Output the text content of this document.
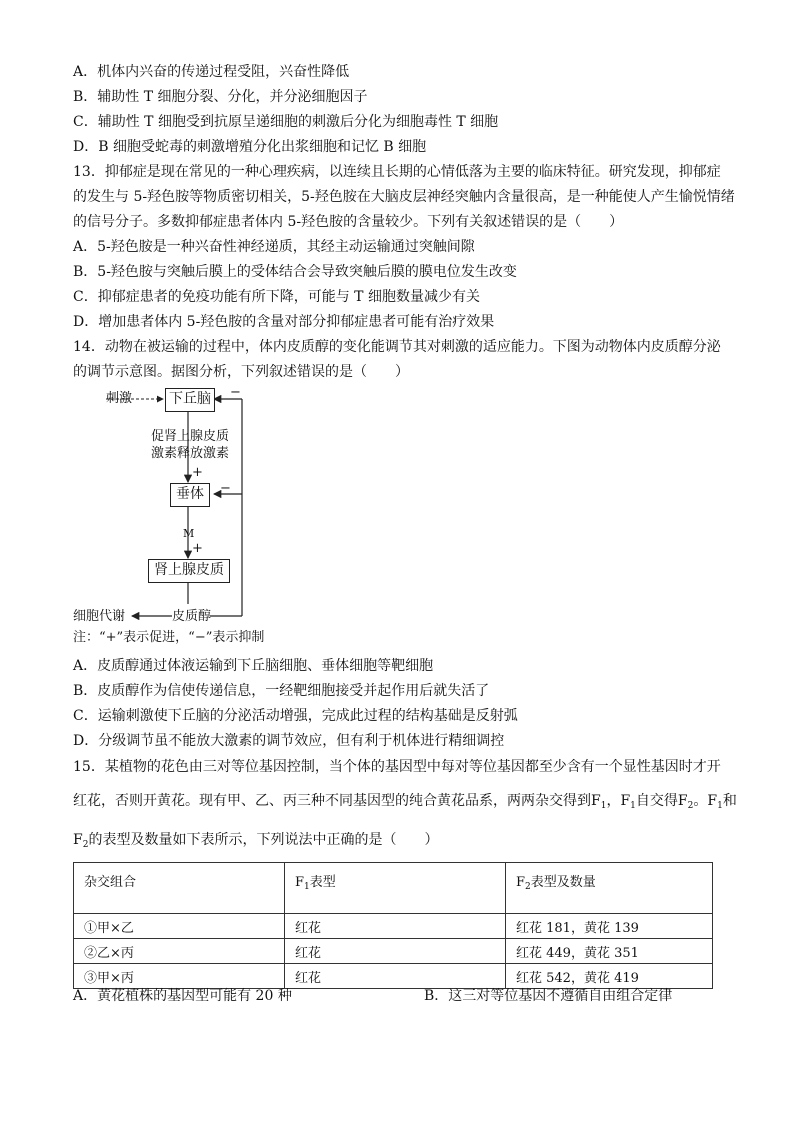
A．机体内兴奋的传递过程受阻，兴奋性降低
B．辅助性 T 细胞分裂、分化，并分泌细胞因子
C．辅助性 T 细胞受到抗原呈递细胞的刺激后分化为细胞毒性 T 细胞
D．B 细胞受蛇毒的刺激增殖分化出浆细胞和记忆 B 细胞
13．抑郁症是现在常见的一种心理疾病，以连续且长期的心情低落为主要的临床特征。研究发现，抑郁症
的发生与 5-羟色胺等物质密切相关，5-羟色胺在大脑皮层神经突触内含量很高，是一种能使人产生愉悦情绪
的信号分子。多数抑郁症患者体内 5-羟色胺的含量较少。下列有关叙述错误的是（　　）
A．5-羟色胺是一种兴奋性神经递质，其经主动运输通过突触间隙
B．5-羟色胺与突触后膜上的受体结合会导致突触后膜的膜电位发生改变
C．抑郁症患者的免疫功能有所下降，可能与 T 细胞数量减少有关
D．增加患者体内 5-羟色胺的含量对部分抑郁症患者可能有治疗效果
14．动物在被运输的过程中，体内皮质醇的变化能调节其对刺激的适应能力。下图为动物体内皮质醇分泌
的调节示意图。据图分析，下列叙述错误的是（　　）
刺激	下丘脑
促肾上腺皮质
激素释放激素
+
垂体
M
+
肾上腺皮质
细胞代谢	皮质醇
−
−
注：“+”表示促进，“−”表示抑制
A．皮质醇通过体液运输到下丘脑细胞、垂体细胞等靶细胞
B．皮质醇作为信使传递信息，一经靶细胞接受并起作用后就失活了
C．运输刺激使下丘脑的分泌活动增强，完成此过程的结构基础是反射弧
D．分级调节虽不能放大激素的调节效应，但有利于机体进行精细调控
15．某植物的花色由三对等位基因控制，当个体的基因型中每对等位基因都至少含有一个显性基因时才开
红花，否则开黄花。现有甲、乙、丙三种不同基因型的纯合黄花品系，两两杂交得到$F_1$，$F_1$自交得$F_2$。$F_1$和
$F_2$的表型及数量如下表所示，下列说法中正确的是（　　）
杂交组合	$F_1$表型	$F_2$表型及数量
①甲×乙	红花	红花 181，黄花 139
②乙×丙	红花	红花 449，黄花 351
③甲×丙	红花	红花 542，黄花 419
A．黄花植株的基因型可能有 20 种	B．这三对等位基因不遵循自由组合定律
